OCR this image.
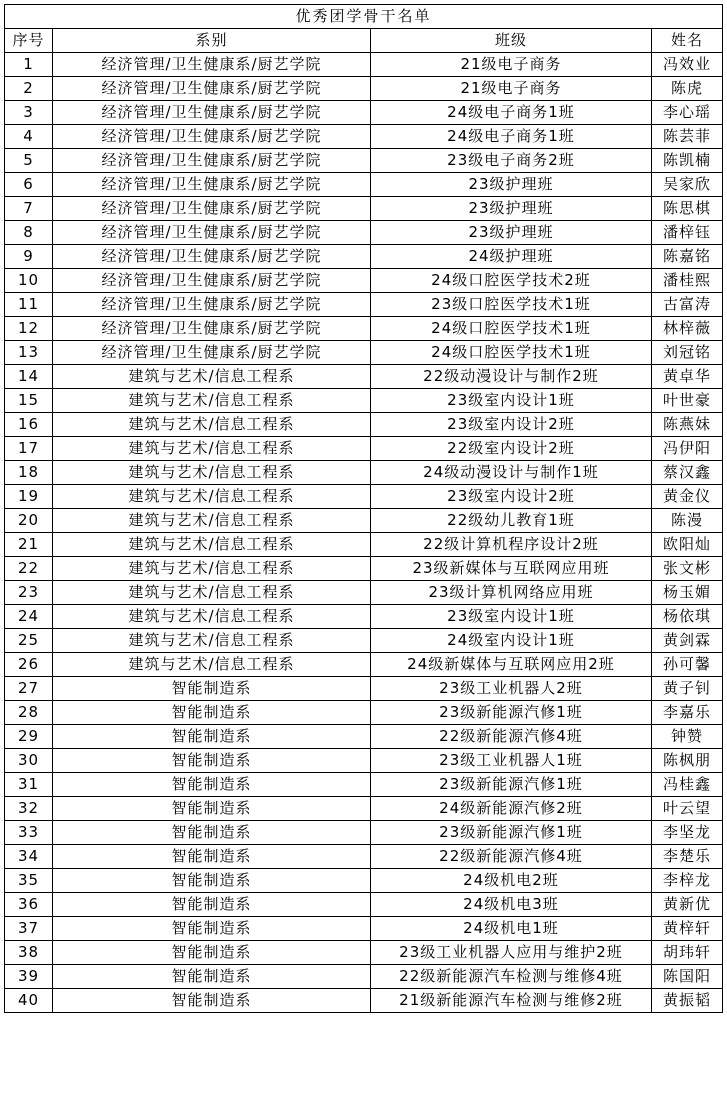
优秀团学骨干名单			
序号	系别	班级	姓名
1	经济管理/卫生健康系/厨艺学院	21级电子商务	冯效业
2	经济管理/卫生健康系/厨艺学院	21级电子商务	陈虎
3	经济管理/卫生健康系/厨艺学院	24级电子商务1班	李心瑶
4	经济管理/卫生健康系/厨艺学院	24级电子商务1班	陈芸菲
5	经济管理/卫生健康系/厨艺学院	23级电子商务2班	陈凯楠
6	经济管理/卫生健康系/厨艺学院	23级护理班	吴家欣
7	经济管理/卫生健康系/厨艺学院	23级护理班	陈思棋
8	经济管理/卫生健康系/厨艺学院	23级护理班	潘梓钰
9	经济管理/卫生健康系/厨艺学院	24级护理班	陈嘉铭
10	经济管理/卫生健康系/厨艺学院	24级口腔医学技术2班	潘桂熙
11	经济管理/卫生健康系/厨艺学院	23级口腔医学技术1班	古富涛
12	经济管理/卫生健康系/厨艺学院	24级口腔医学技术1班	林梓薇
13	经济管理/卫生健康系/厨艺学院	24级口腔医学技术1班	刘冠铭
14	建筑与艺术/信息工程系	22级动漫设计与制作2班	黄卓华
15	建筑与艺术/信息工程系	23级室内设计1班	叶世豪
16	建筑与艺术/信息工程系	23级室内设计2班	陈燕妹
17	建筑与艺术/信息工程系	22级室内设计2班	冯伊阳
18	建筑与艺术/信息工程系	24级动漫设计与制作1班	蔡汉鑫
19	建筑与艺术/信息工程系	23级室内设计2班	黄金仪
20	建筑与艺术/信息工程系	22级幼儿教育1班	陈漫
21	建筑与艺术/信息工程系	22级计算机程序设计2班	欧阳灿
22	建筑与艺术/信息工程系	23级新媒体与互联网应用班	张文彬
23	建筑与艺术/信息工程系	23级计算机网络应用班	杨玉媚
24	建筑与艺术/信息工程系	23级室内设计1班	杨依琪
25	建筑与艺术/信息工程系	24级室内设计1班	黄剑霖
26	建筑与艺术/信息工程系	24级新媒体与互联网应用2班	孙可馨
27	智能制造系	23级工业机器人2班	黄子钊
28	智能制造系	23级新能源汽修1班	李嘉乐
29	智能制造系	22级新能源汽修4班	钟赞
30	智能制造系	23级工业机器人1班	陈枫朋
31	智能制造系	23级新能源汽修1班	冯桂鑫
32	智能制造系	24级新能源汽修2班	叶云望
33	智能制造系	23级新能源汽修1班	李坚龙
34	智能制造系	22级新能源汽修4班	李楚乐
35	智能制造系	24级机电2班	李梓龙
36	智能制造系	24级机电3班	黄新优
37	智能制造系	24级机电1班	黄梓轩
38	智能制造系	23级工业机器人应用与维护2班	胡玮轩
39	智能制造系	22级新能源汽车检测与维修4班	陈国阳
40	智能制造系	21级新能源汽车检测与维修2班	黄振韬
